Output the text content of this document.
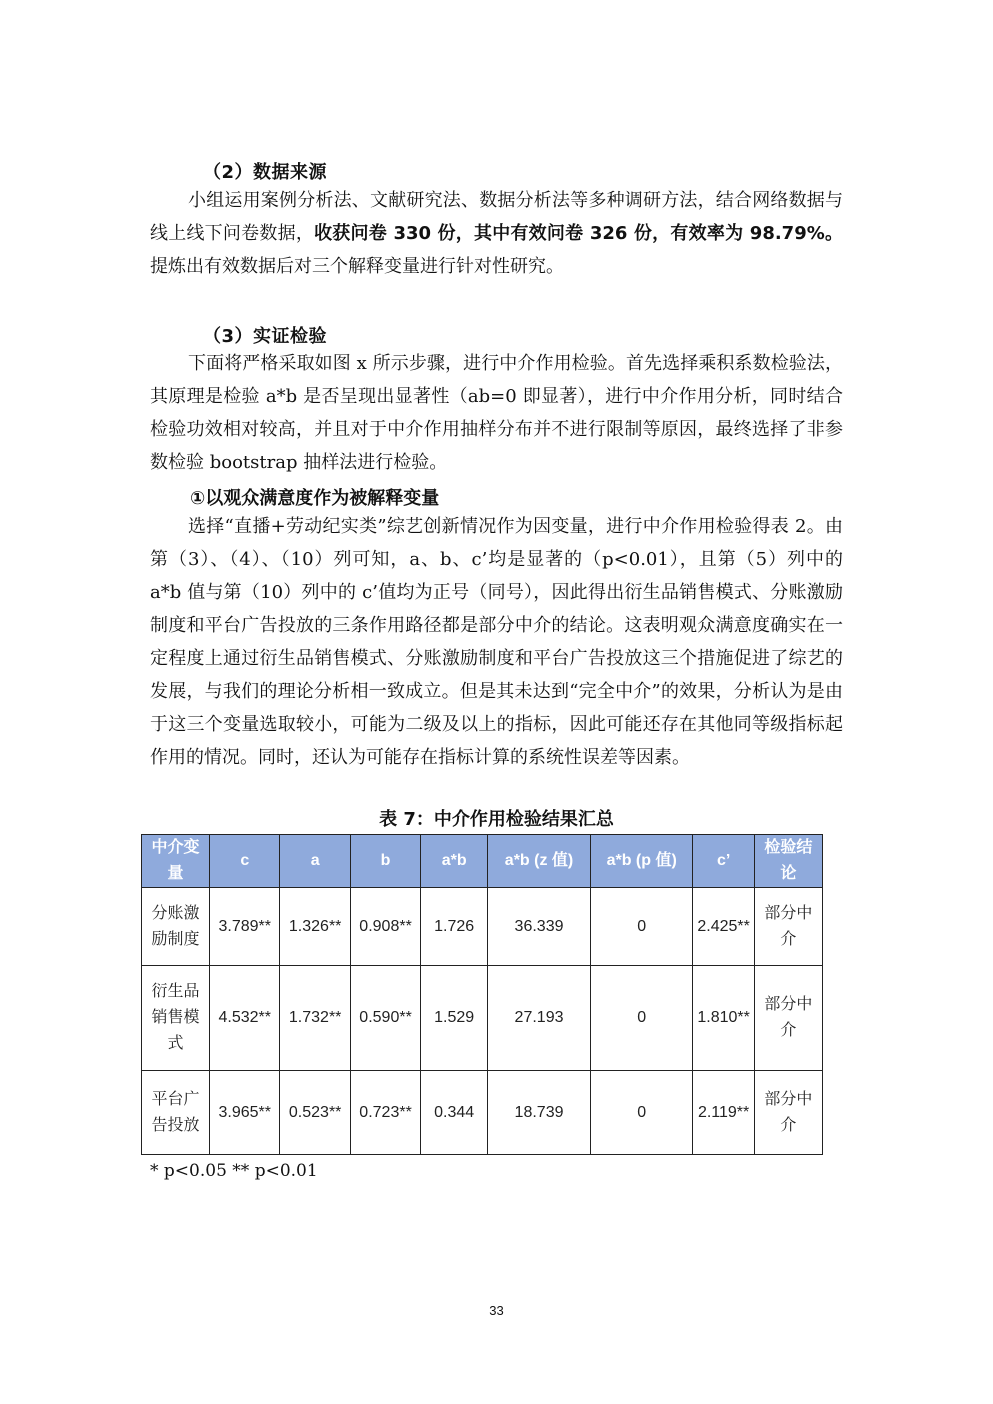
（2）数据来源

小组运用案例分析法、文献研究法、数据分析法等多种调研方法，结合网络数据与线上线下问卷数据，收获问卷 330 份，其中有效问卷 326 份，有效率为 98.79%。提炼出有效数据后对三个解释变量进行针对性研究。

（3）实证检验

下面将严格采取如图 x 所示步骤，进行中介作用检验。首先选择乘积系数检验法，其原理是检验 a*b 是否呈现出显著性（ab=0 即显著），进行中介作用分析，同时结合检验功效相对较高，并且对于中介作用抽样分布并不进行限制等原因，最终选择了非参数检验 bootstrap 抽样法进行检验。

①以观众满意度作为被解释变量

选择“直播+劳动纪实类”综艺创新情况作为因变量，进行中介作用检验得表 2。由第（3）、（4）、（10）列可知，a、b、c’均是显著的（p<0.01），且第（5）列中的 a*b 值与第（10）列中的 c’值均为正号（同号），因此得出衍生品销售模式、分账激励制度和平台广告投放的三条作用路径都是部分中介的结论。这表明观众满意度确实在一定程度上通过衍生品销售模式、分账激励制度和平台广告投放这三个措施促进了综艺的发展，与我们的理论分析相一致成立。但是其未达到“完全中介”的效果，分析认为是由于这三个变量选取较小，可能为二级及以上的指标，因此可能还存在其他同等级指标起作用的情况。同时，还认为可能存在指标计算的系统性误差等因素。

表 7：中介作用检验结果汇总
中介变量	c	a	b	a*b	a*b (z 值)	a*b (p 值)	c’	检验结论
分账激励制度	3.789**	1.326**	0.908**	1.726	36.339	0	2.425**	部分中介
衍生品销售模式	4.532**	1.732**	0.590**	1.529	27.193	0	1.810**	部分中介
平台广告投放	3.965**	0.523**	0.723**	0.344	18.739	0	2.119**	部分中介
* p<0.05 ** p<0.01
33
